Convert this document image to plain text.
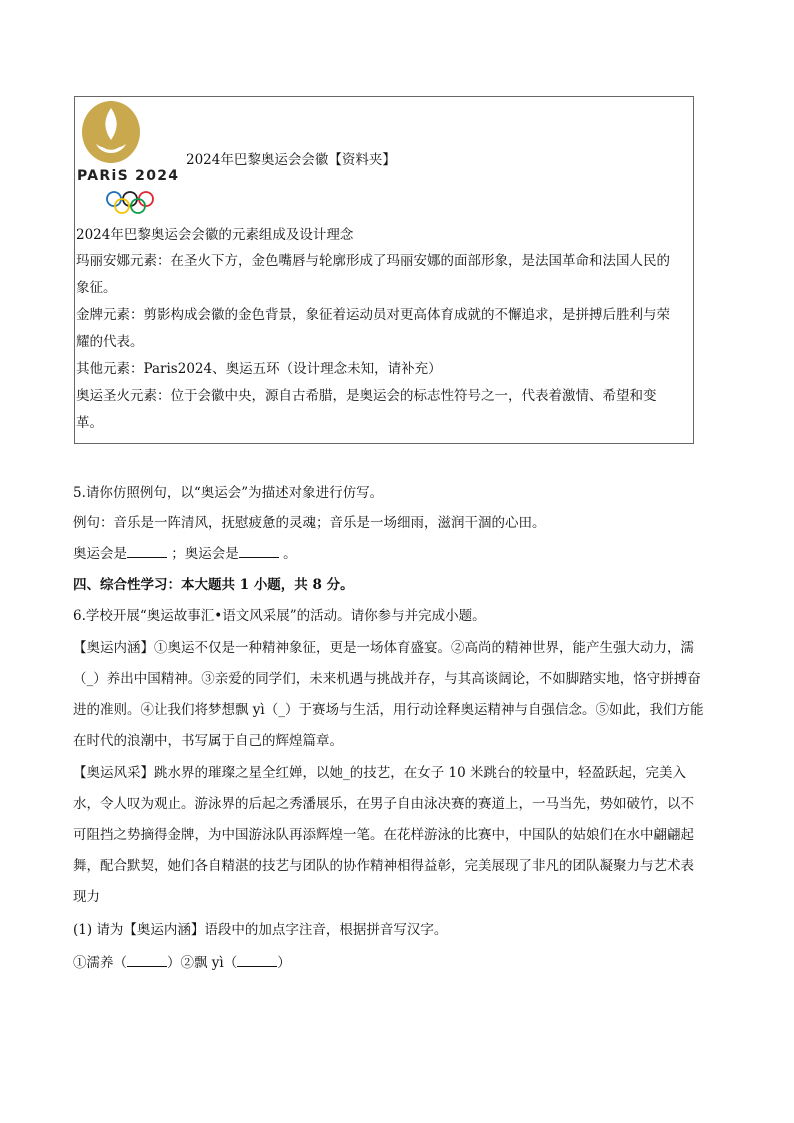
PARiS 2024
2024年巴黎奥运会会徽【资料夹】
2024年巴黎奥运会会徽的元素组成及设计理念
玛丽安娜元素：在圣火下方，金色嘴唇与轮廓形成了玛丽安娜的面部形象，是法国革命和法国人民的
象征。
金牌元素：剪影构成会徽的金色背景，象征着运动员对更高体育成就的不懈追求，是拼搏后胜利与荣
耀的代表。
其他元素：Paris2024、奥运五环（设计理念未知，请补充）
奥运圣火元素：位于会徽中央，源自古希腊，是奥运会的标志性符号之一，代表着激情、希望和变
革。
5.请你仿照例句，以“奥运会”为描述对象进行仿写。
例句：音乐是一阵清风，抚慰疲惫的灵魂；音乐是一场细雨，滋润干涸的心田。
奥运会是	；奥运会是	。
四、综合性学习：本大题共 1 小题，共 8 分。
6.学校开展“奥运故事汇•语文风采展”的活动。请你参与并完成小题。
【奥运内涵】①奥运不仅是一种精神象征，更是一场体育盛宴。②高尚的精神世界，能产生强大动力，濡
（_）养出中国精神。③亲爱的同学们，未来机遇与挑战并存，与其高谈阔论，不如脚踏实地，恪守拼搏奋
进的准则。④让我们将梦想飘 yì（_）于赛场与生活，用行动诠释奥运精神与自强信念。⑤如此，我们方能
在时代的浪潮中，书写属于自己的辉煌篇章。
【奥运风采】跳水界的璀璨之星全红婵，以她_的技艺，在女子 10 米跳台的较量中，轻盈跃起，完美入
水，令人叹为观止。游泳界的后起之秀潘展乐，在男子自由泳决赛的赛道上，一马当先，势如破竹，以不
可阻挡之势摘得金牌，为中国游泳队再添辉煌一笔。在花样游泳的比赛中，中国队的姑娘们在水中翩翩起
舞，配合默契，她们各自精湛的技艺与团队的协作精神相得益彰，完美展现了非凡的团队凝聚力与艺术表
现力
(1) 请为【奥运内涵】语段中的加点字注音，根据拼音写汉字。
①濡养（	）②飘 yì（	）
